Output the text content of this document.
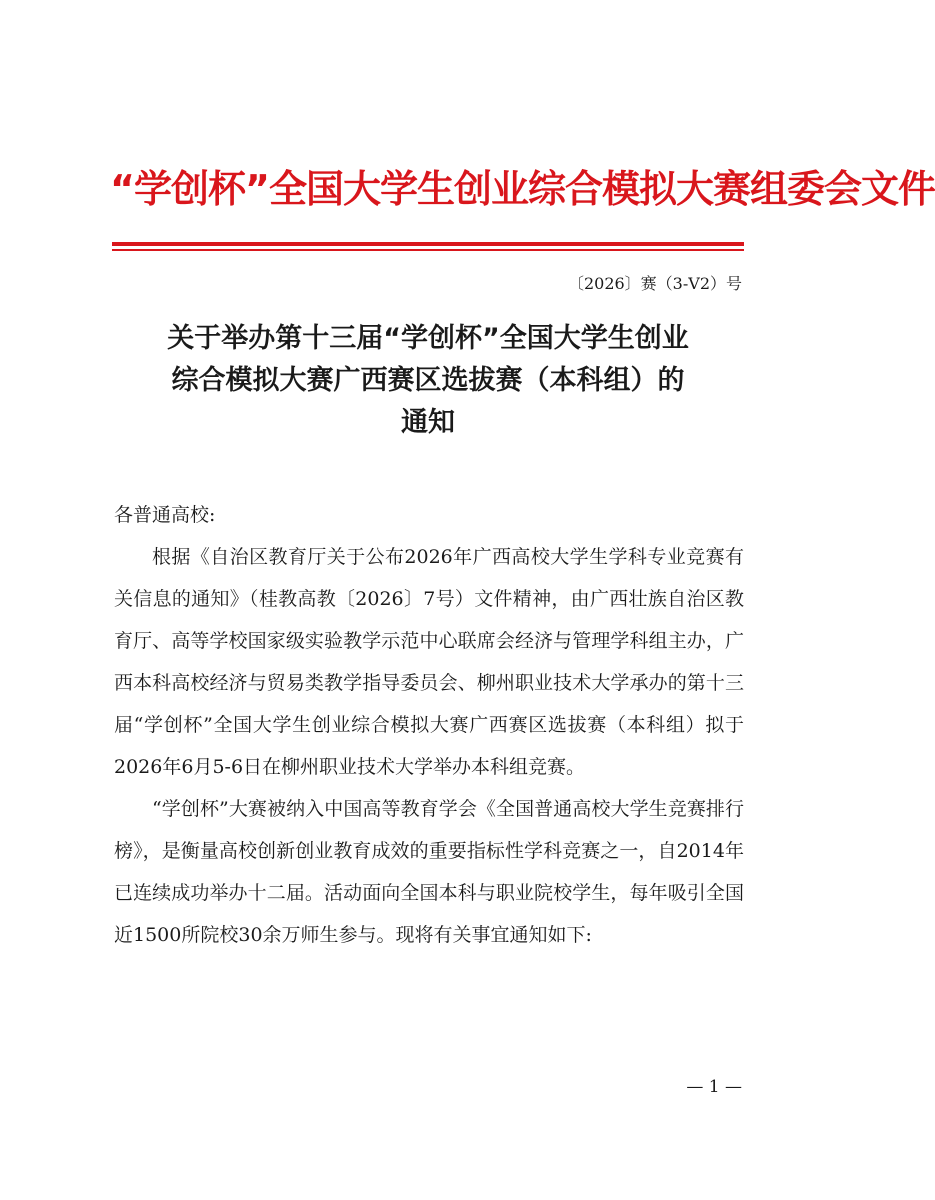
“学创杯”全国大学生创业综合模拟大赛组委会文件
〔2026〕赛（3-V2）号
关于举办第十三届“学创杯”全国大学生创业
综合模拟大赛广西赛区选拔赛（本科组）的
通知

各普通高校:

根据《自治区教育厅关于公布2026年广西高校大学生学科专业竞赛有关信息的通知》（桂教高教〔2026〕7号）文件精神，由广西壮族自治区教育厅、高等学校国家级实验教学示范中心联席会经济与管理学科组主办，广西本科高校经济与贸易类教学指导委员会、柳州职业技术大学承办的第十三届“学创杯”全国大学生创业综合模拟大赛广西赛区选拔赛（本科组）拟于2026年6月5-6日在柳州职业技术大学举办本科组竞赛。

“学创杯”大赛被纳入中国高等教育学会《全国普通高校大学生竞赛排行榜》，是衡量高校创新创业教育成效的重要指标性学科竞赛之一，自2014年已连续成功举办十二届。活动面向全国本科与职业院校学生，每年吸引全国近1500所院校30余万师生参与。现将有关事宜通知如下:

— 1 —
